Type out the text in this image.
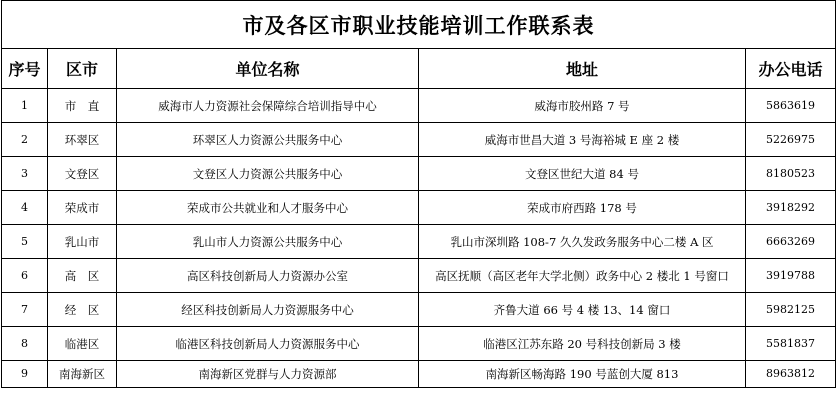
市及各区市职业技能培训工作联系表				
序号	区市	单位名称	地址	办公电话
1	市　直	威海市人力资源社会保障综合培训指导中心	威海市胶州路 7 号	5863619
2	环翠区	环翠区人力资源公共服务中心	威海市世昌大道 3 号海裕城 E 座 2 楼	5226975
3	文登区	文登区人力资源公共服务中心	文登区世纪大道 84 号	8180523
4	荣成市	荣成市公共就业和人才服务中心	荣成市府西路 178 号	3918292
5	乳山市	乳山市人力资源公共服务中心	乳山市深圳路 108-7 久久发政务服务中心二楼 A 区	6663269
6	高　区	高区科技创新局人力资源办公室	高区抚顺（高区老年大学北侧）政务中心 2 楼北 1 号窗口	3919788
7	经　区	经区科技创新局人力资源服务中心	齐鲁大道 66 号 4 楼 13、14 窗口	5982125
8	临港区	临港区科技创新局人力资源服务中心	临港区江苏东路 20 号科技创新局 3 楼	5581837
9	南海新区	南海新区党群与人力资源部	南海新区畅海路 190 号蓝创大厦 813	8963812
